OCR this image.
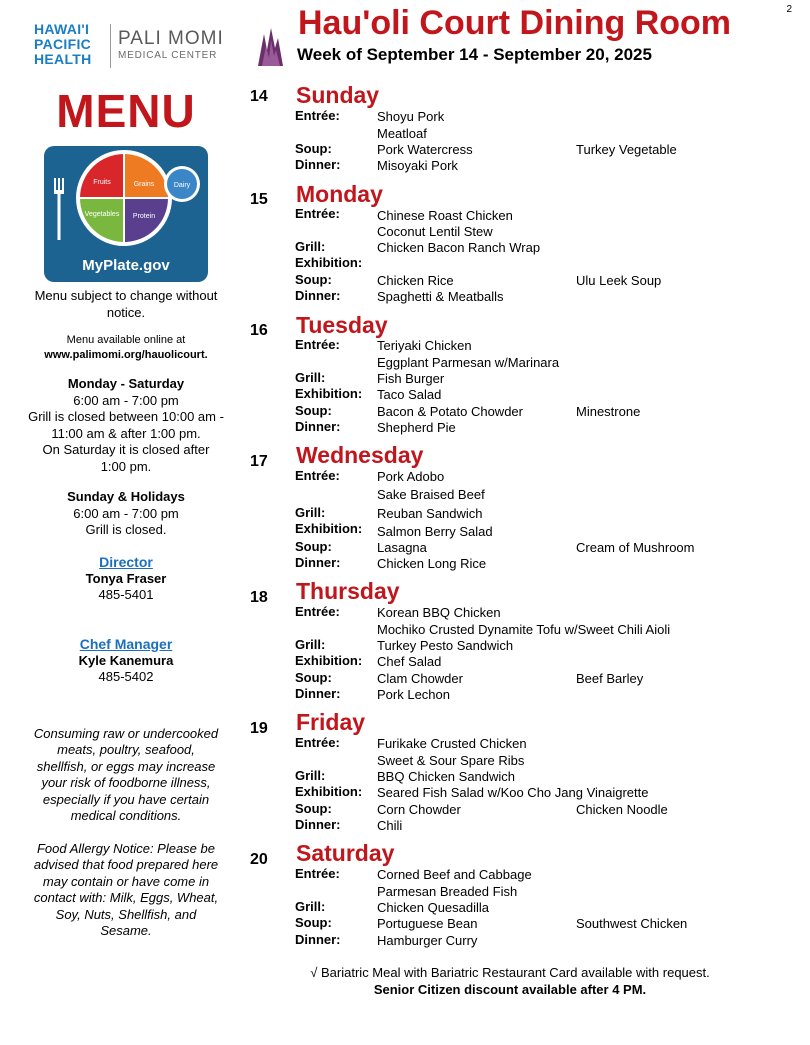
2
HAWAI'I
PACIFIC
HEALTH
PALI MOMI
MEDICAL CENTER
Hau'oli Court Dining Room
Week of September 14 - September 20, 2025
MENU
Fruits	Grains
Vegetables Protein
Dairy
MyPlate.gov
Menu subject to change without
notice.
Menu available online at
www.palimomi.org/hauolicourt.
Monday - Saturday
6:00 am - 7:00 pm
Grill is closed between 10:00 am -
11:00 am & after 1:00 pm.
On Saturday it is closed after
1:00 pm.
Sunday & Holidays
6:00 am - 7:00 pm
Grill is closed.
Director
Tonya Fraser
485-5401
Chef Manager
Kyle Kanemura
485-5402
Consuming raw or undercooked
meats, poultry, seafood,
shellfish, or eggs may increase
your risk of foodborne illness,
especially if you have certain
medical conditions.
Food Allergy Notice: Please be
advised that food prepared here
may contain or have come in
contact with: Milk, Eggs, Wheat,
Soy, Nuts, Shellfish, and
Sesame.
14 Sunday
Entrée:	Shoyu Pork
Meatloaf
Soup:	Pork Watercress	Turkey Vegetable
Dinner:	Misoyaki Pork
15 Monday
Entrée:	Chinese Roast Chicken
Coconut Lentil Stew
Grill:	Chicken Bacon Ranch Wrap
Exhibition:
Soup:	Chicken Rice	Ulu Leek Soup
Dinner:	Spaghetti & Meatballs
16 Tuesday
Entrée:	Teriyaki Chicken
Eggplant Parmesan w/Marinara
Grill:	Fish Burger
Exhibition: Taco Salad
Soup:	Bacon & Potato Chowder	Minestrone
Dinner:	Shepherd Pie
17 Wednesday
Entrée:	Pork Adobo
Sake Braised Beef
Grill:	Reuban Sandwich
Exhibition: Salmon Berry Salad
Soup:	Lasagna	Cream of Mushroom
Dinner:	Chicken Long Rice
18 Thursday
Entrée:	Korean BBQ Chicken
Mochiko Crusted Dynamite Tofu w/Sweet Chili Aioli
Grill:	Turkey Pesto Sandwich
Exhibition: Chef Salad
Soup:	Clam Chowder	Beef Barley
Dinner:	Pork Lechon
19 Friday
Entrée:	Furikake Crusted Chicken
Sweet & Sour Spare Ribs
Grill:	BBQ Chicken Sandwich
Exhibition: Seared Fish Salad w/Koo Cho Jang Vinaigrette
Soup:	Corn Chowder	Chicken Noodle
Dinner:	Chili
20 Saturday
Entrée:	Corned Beef and Cabbage
Parmesan Breaded Fish
Grill:	Chicken Quesadilla
Soup:	Portuguese Bean	Southwest Chicken
Dinner:	Hamburger Curry
√ Bariatric Meal with Bariatric Restaurant Card available with request.
Senior Citizen discount available after 4 PM.
